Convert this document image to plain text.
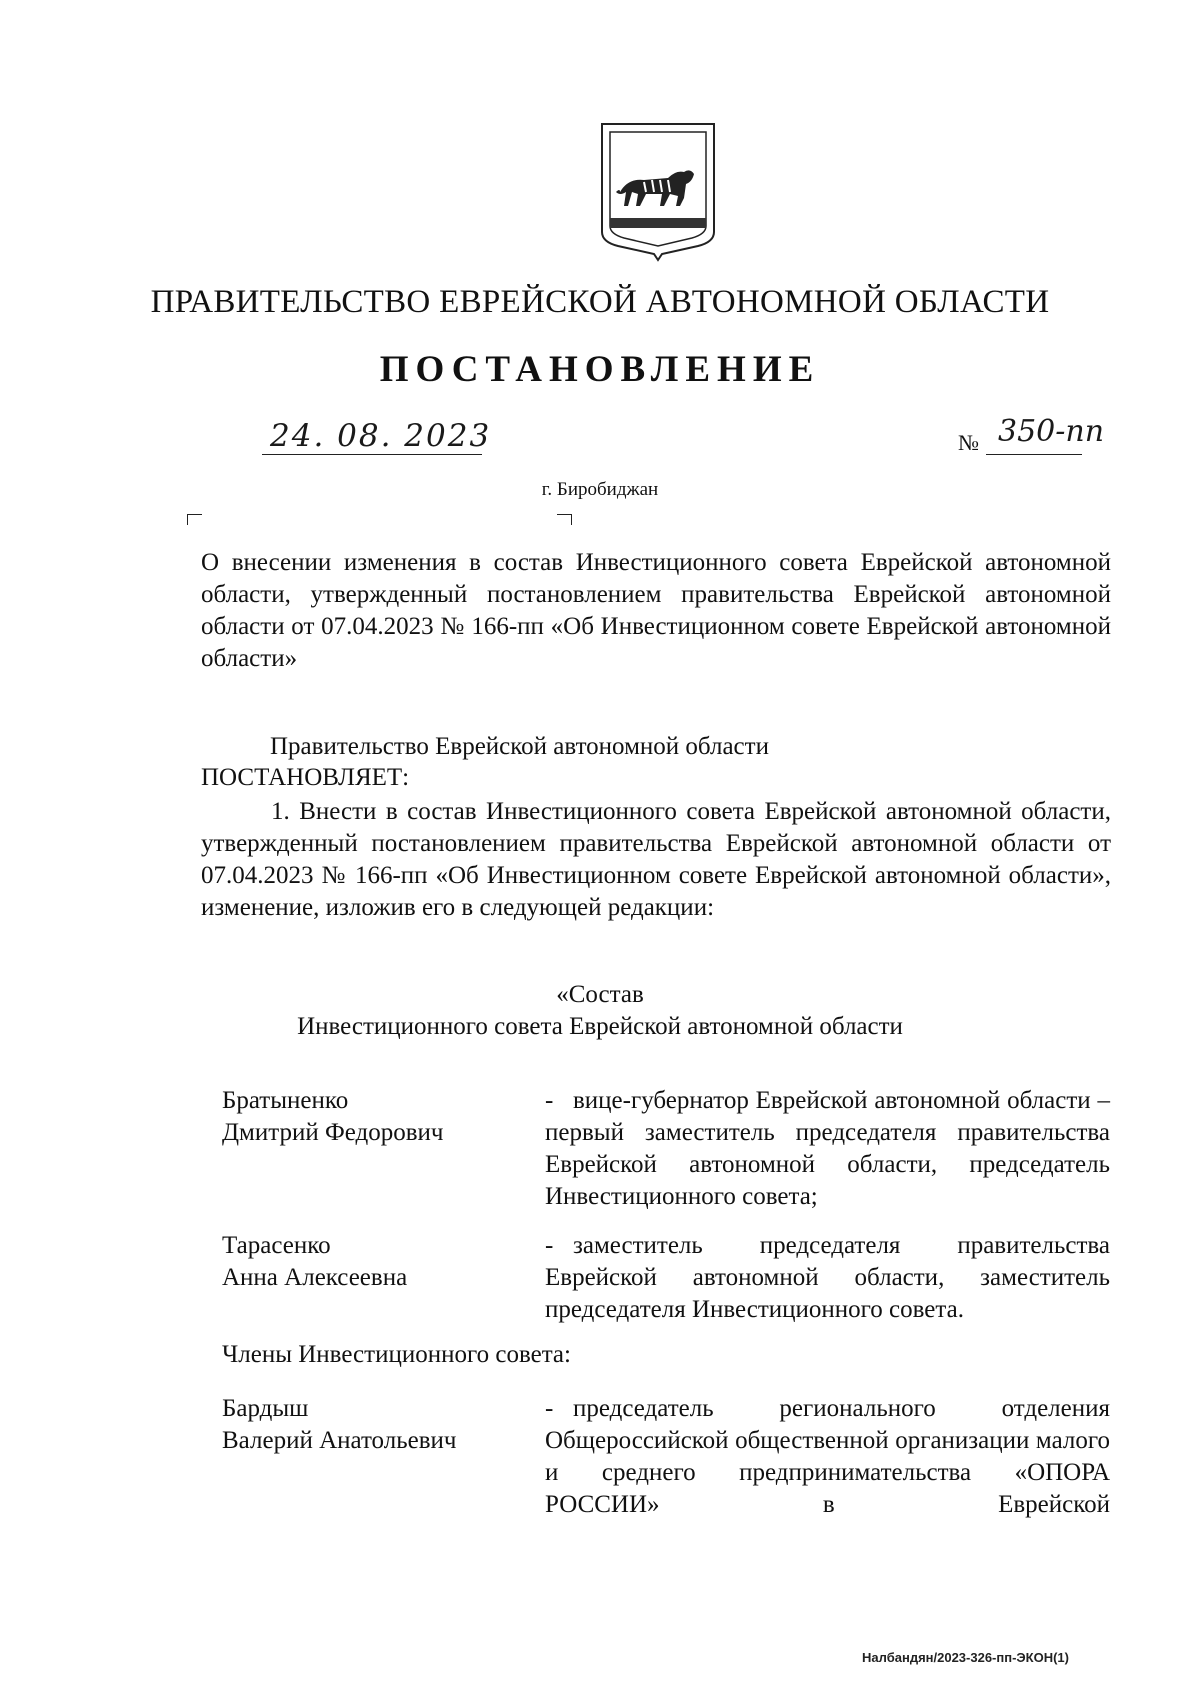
ПРАВИТЕЛЬСТВО ЕВРЕЙСКОЙ АВТОНОМНОЙ ОБЛАСТИ
ПОСТАНОВЛЕНИЕ
24. 08. 2023	№ 350-пп
г. Биробиджан
О внесении изменения в состав Инвестиционного совета Еврейской автономной области, утвержденный постановлением правительства Еврейской автономной области от 07.04.2023 № 166-пп «Об Инвестиционном совете Еврейской автономной области»
Правительство Еврейской автономной области
ПОСТАНОВЛЯЕТ:
1. Внести в состав Инвестиционного совета Еврейской автономной области, утвержденный постановлением правительства Еврейской автономной области от 07.04.2023 № 166-пп «Об Инвестиционном совете Еврейской автономной области», изменение, изложив его в следующей редакции:
«Состав
Инвестиционного совета Еврейской автономной области
Братыненко
Дмитрий Федорович
- вице-губернатор Еврейской автономной области – первый заместитель председателя правительства Еврейской автономной области, председатель Инвестиционного совета;
Тарасенко
Анна Алексеевна
- заместитель председателя правительства Еврейской автономной области, заместитель председателя Инвестиционного совета.
Члены Инвестиционного совета:
Бардыш
Валерий Анатольевич
- председатель регионального отделения Общероссийской общественной организации малого и среднего предпринимательства «ОПОРА РОССИИ» в Еврейской
Налбандян/2023-326-пп-ЭКОН(1)
